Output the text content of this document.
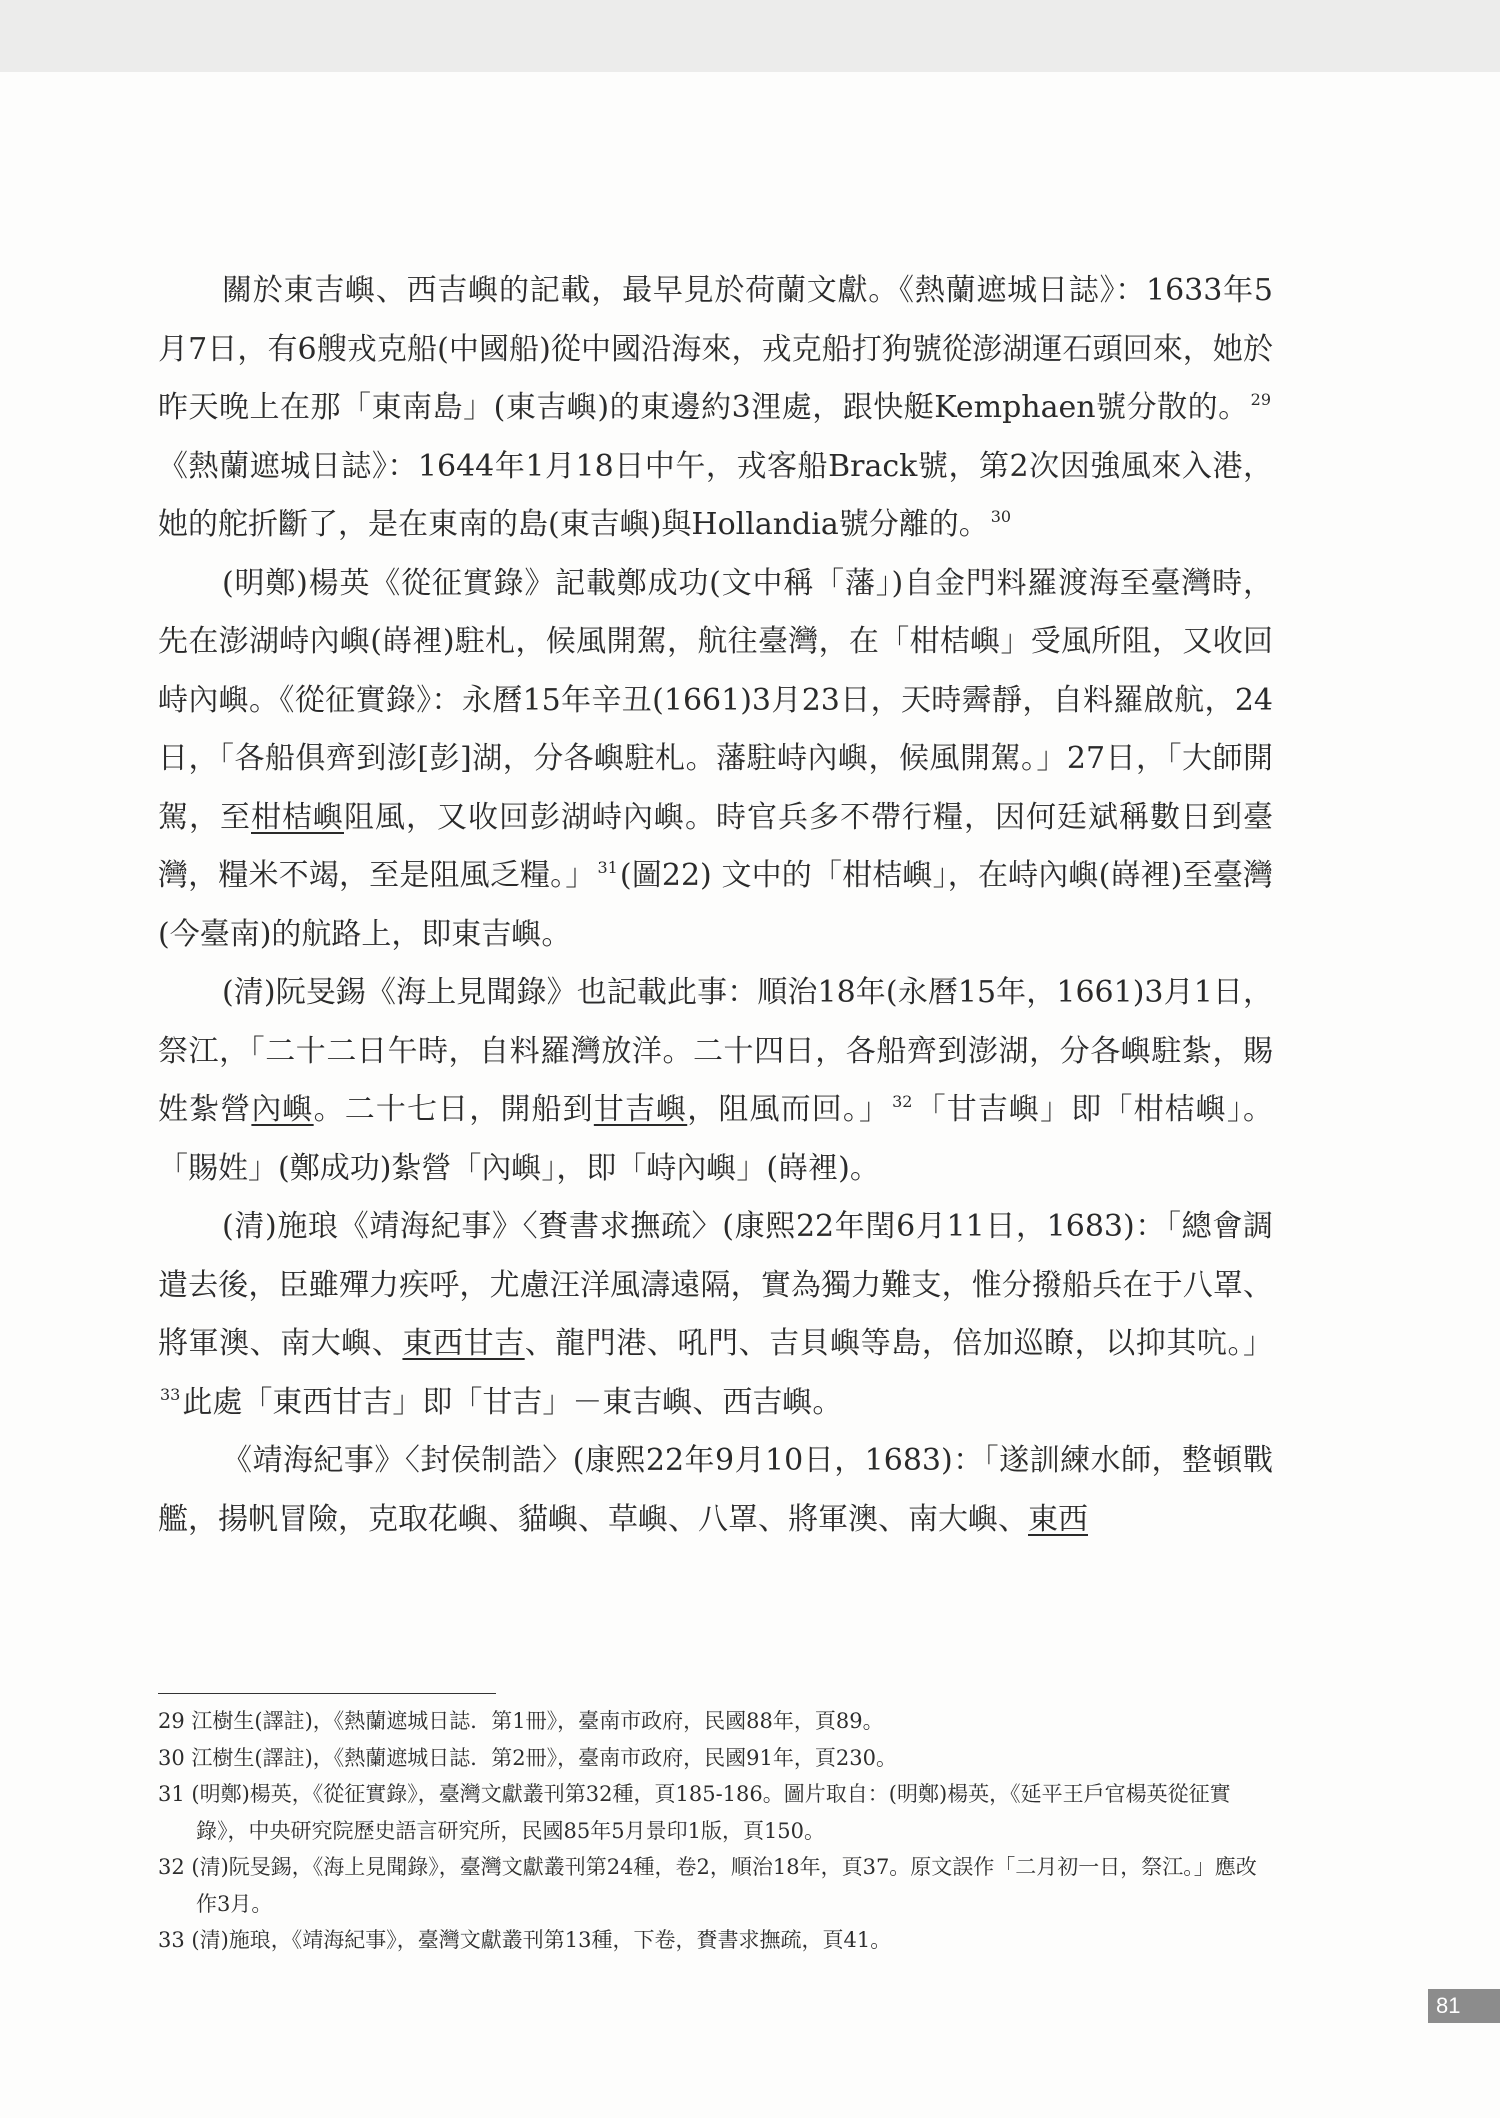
關於東吉嶼、西吉嶼的記載，最早見於荷蘭文獻。《熱蘭遮城日誌》：1633年5月7日，有6艘戎克船(中國船)從中國沿海來，戎克船打狗號從澎湖運石頭回來，她於昨天晚上在那「東南島」(東吉嶼)的東邊約3浬處，跟快艇Kemphaen號分散的。 $^{29}$《熱蘭遮城日誌》：1644年1月18日中午，戎客船Brack號，第2次因強風來入港，她的舵折斷了，是在東南的島(東吉嶼)與Hollandia號分離的。 $^{30}$

(明鄭)楊英《從征實錄》記載鄭成功(文中稱「藩」)自金門料羅渡海至臺灣時，先在澎湖峙內嶼(嵵裡)駐札，候風開駕，航往臺灣，在「柑桔嶼」受風所阻，又收回峙內嶼。《從征實錄》：永曆15年辛丑(1661)3月23日，天時霽靜，自料羅啟航，24日，「各船俱齊到澎[彭]湖，分各嶼駐札。藩駐峙內嶼，候風開駕。」27日，「大師開駕，至柑桔嶼阻風，又收回彭湖峙內嶼。時官兵多不帶行糧，因何廷斌稱數日到臺灣，糧米不竭，至是阻風乏糧。」 $^{31}$(圖22) 文中的「柑桔嶼」，在峙內嶼(嵵裡)至臺灣(今臺南)的航路上，即東吉嶼。

(清)阮旻錫《海上見聞錄》也記載此事：順治18年(永曆15年，1661)3月1日，祭江，「二十二日午時，自料羅灣放洋。二十四日，各船齊到澎湖，分各嶼駐紮，賜姓紮營內嶼。二十七日，開船到甘吉嶼，阻風而回。」 $^{32}$「甘吉嶼」即「柑桔嶼」。「賜姓」(鄭成功)紮營「內嶼」，即「峙內嶼」(嵵裡)。

(清)施琅《靖海紀事》〈賚書求撫疏〉(康熙22年閏6月11日，1683)：「總會調遣去後，臣雖殫力疾呼，尤慮汪洋風濤遠隔，實為獨力難支，惟分撥船兵在于八罩、將軍澳、南大嶼、東西甘吉、龍門港、吼門、吉貝嶼等島，倍加巡瞭，以抑其吭。」$^{33}$此處「東西甘吉」即「甘吉」－東吉嶼、西吉嶼。

《靖海紀事》〈封侯制誥〉(康熙22年9月10日，1683)：「遂訓練水師，整頓戰艦，揚帆冒險，克取花嶼、貓嶼、草嶼、八罩、將軍澳、南大嶼、東西

29 江樹生(譯註)，《熱蘭遮城日誌．第1冊》，臺南市政府，民國88年，頁89。

30 江樹生(譯註)，《熱蘭遮城日誌．第2冊》，臺南市政府，民國91年，頁230。

31 (明鄭)楊英，《從征實錄》，臺灣文獻叢刊第32種，頁185-186。圖片取自：(明鄭)楊英，《延平王戶官楊英從征實錄》，中央研究院歷史語言研究所，民國85年5月景印1版，頁150。

32 (清)阮旻錫，《海上見聞錄》，臺灣文獻叢刊第24種，卷2，順治18年，頁37。原文誤作「二月初一日，祭江。」應改作3月。

33 (清)施琅，《靖海紀事》，臺灣文獻叢刊第13種，下卷，賚書求撫疏，頁41。

81
